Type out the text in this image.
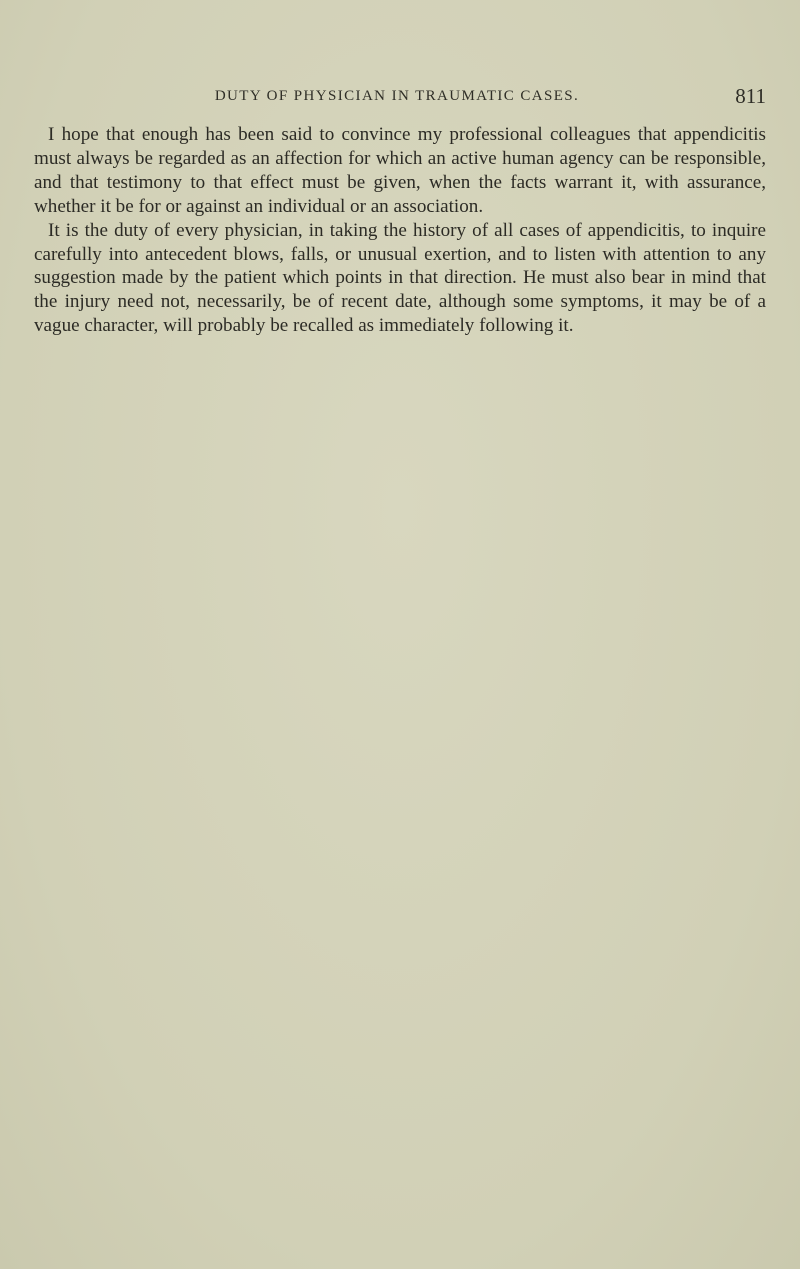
DUTY OF PHYSICIAN IN TRAUMATIC CASES.	811

I hope that enough has been said to convince my professional colleagues that appendicitis must always be regarded as an affection for which an active human agency can be responsible, and that testimony to that effect must be given, when the facts warrant it, with assurance, whether it be for or against an individual or an association.

It is the duty of every physician, in taking the history of all cases of appendicitis, to inquire carefully into antecedent blows, falls, or unusual exertion, and to listen with attention to any suggestion made by the patient which points in that direction. He must also bear in mind that the injury need not, necessarily, be of recent date, although some symptoms, it may be of a vague character, will probably be recalled as immediately following it.
